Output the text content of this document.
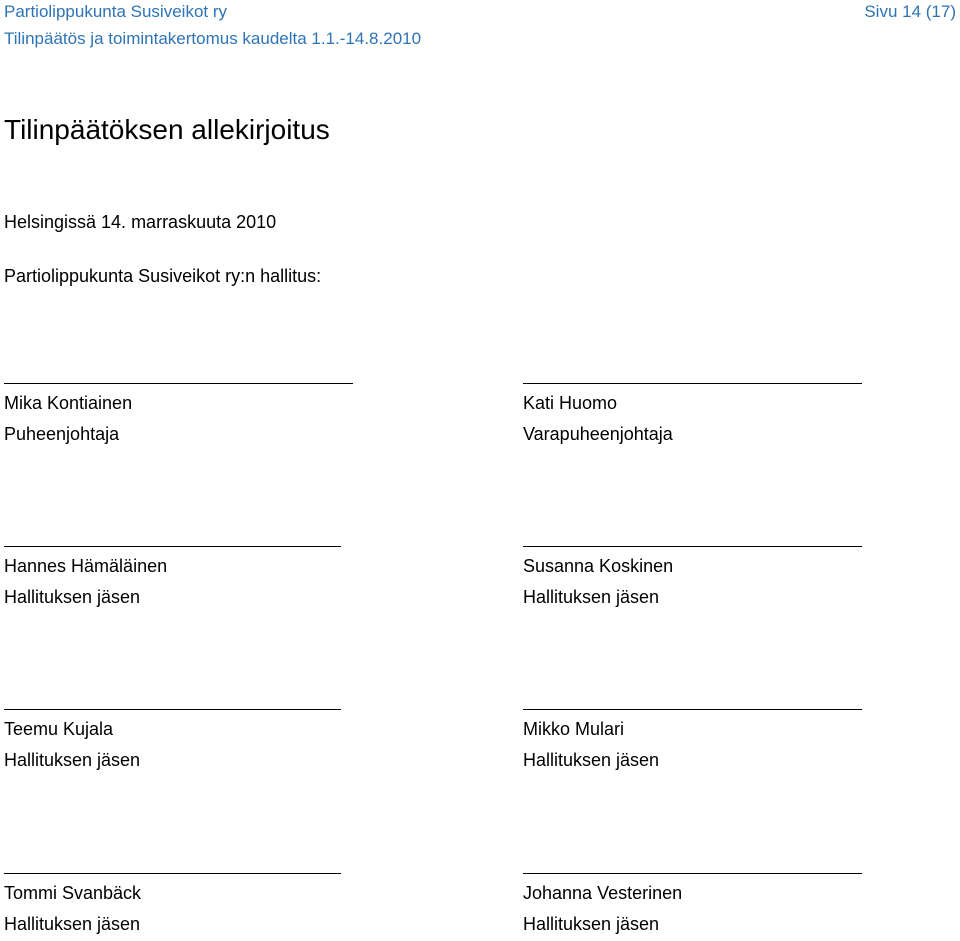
Partiolippukunta Susiveikot ry
Tilinpäätös ja toimintakertomus kaudelta 1.1.-14.8.2010
Sivu 14 (17)
Tilinpäätöksen allekirjoitus
Helsingissä 14. marraskuuta 2010
Partiolippukunta Susiveikot ry:n hallitus:
Mika Kontiainen
Puheenjohtaja
Kati Huomo
Varapuheenjohtaja
Hannes Hämäläinen
Hallituksen jäsen
Susanna Koskinen
Hallituksen jäsen
Teemu Kujala
Hallituksen jäsen
Mikko Mulari
Hallituksen jäsen
Tommi Svanbäck
Hallituksen jäsen
Johanna Vesterinen
Hallituksen jäsen
